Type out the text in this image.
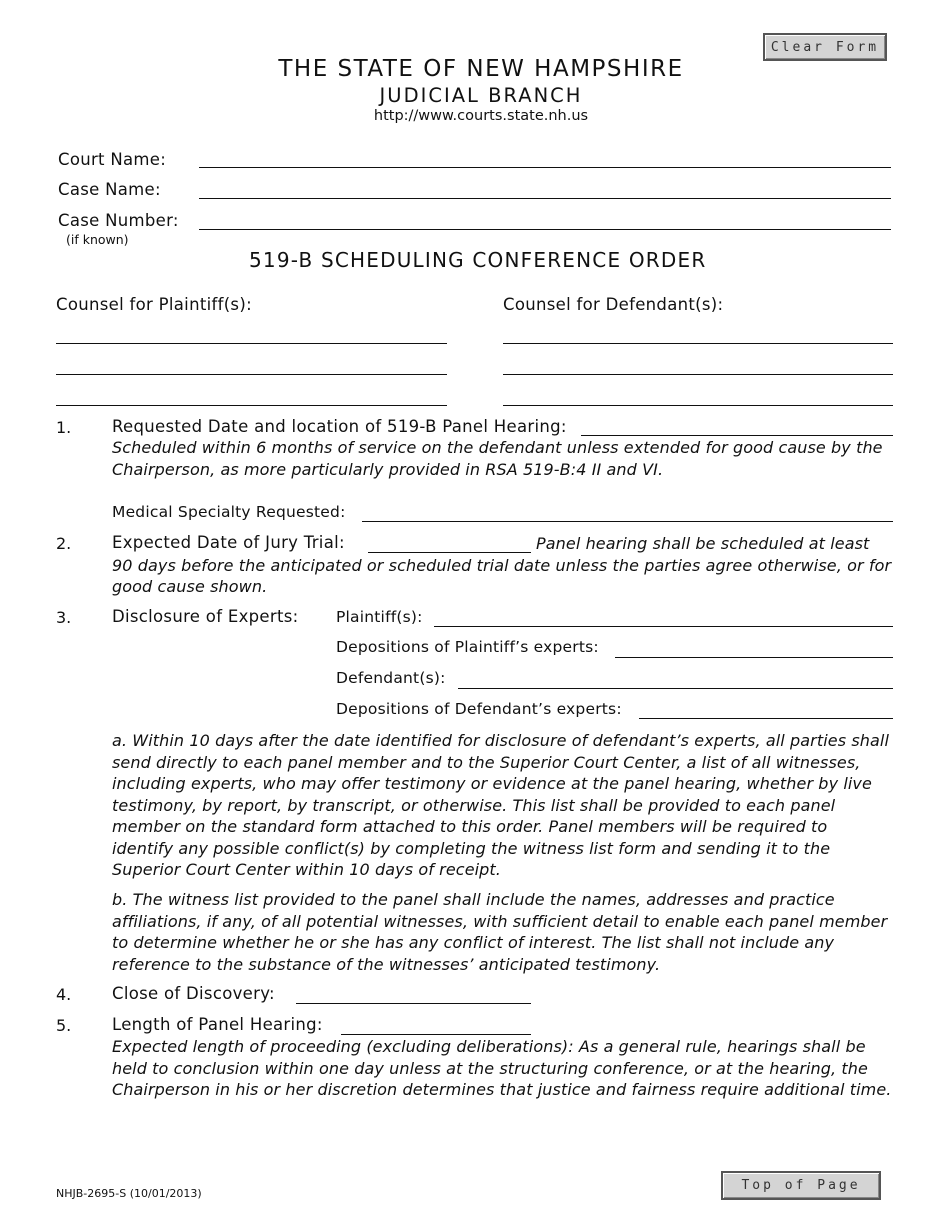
Clear Form
Top of Page
THE STATE OF NEW HAMPSHIRE
JUDICIAL BRANCH
http://www.courts.state.nh.us
Court Name:
Case Name:
Case Number:
(if known)
519-B SCHEDULING CONFERENCE ORDER
Counsel for Plaintiff(s):	Counsel for Defendant(s):
1. Requested Date and location of 519-B Panel Hearing:
Scheduled within 6 months of service on the defendant unless extended for good cause by the
Chairperson, as more particularly provided in RSA 519-B:4 II and VI.
Medical Specialty Requested:
2. Expected Date of Jury Trial:	Panel hearing shall be scheduled at least
90 days before the anticipated or scheduled trial date unless the parties agree otherwise, or for
good cause shown.
3. Disclosure of Experts: Plaintiff(s):
Depositions of Plaintiff’s experts:
Defendant(s):
Depositions of Defendant’s experts:
a. Within 10 days after the date identified for disclosure of defendant’s experts, all parties shall
send directly to each panel member and to the Superior Court Center, a list of all witnesses,
including experts, who may offer testimony or evidence at the panel hearing, whether by live
testimony, by report, by transcript, or otherwise. This list shall be provided to each panel
member on the standard form attached to this order. Panel members will be required to
identify any possible conflict(s) by completing the witness list form and sending it to the
Superior Court Center within 10 days of receipt.
b. The witness list provided to the panel shall include the names, addresses and practice
affiliations, if any, of all potential witnesses, with sufficient detail to enable each panel member
to determine whether he or she has any conflict of interest. The list shall not include any
reference to the substance of the witnesses’ anticipated testimony.
4. Close of Discovery:
5. Length of Panel Hearing:
Expected length of proceeding (excluding deliberations): As a general rule, hearings shall be
held to conclusion within one day unless at the structuring conference, or at the hearing, the
Chairperson in his or her discretion determines that justice and fairness require additional time.
NHJB-2695-S (10/01/2013)
